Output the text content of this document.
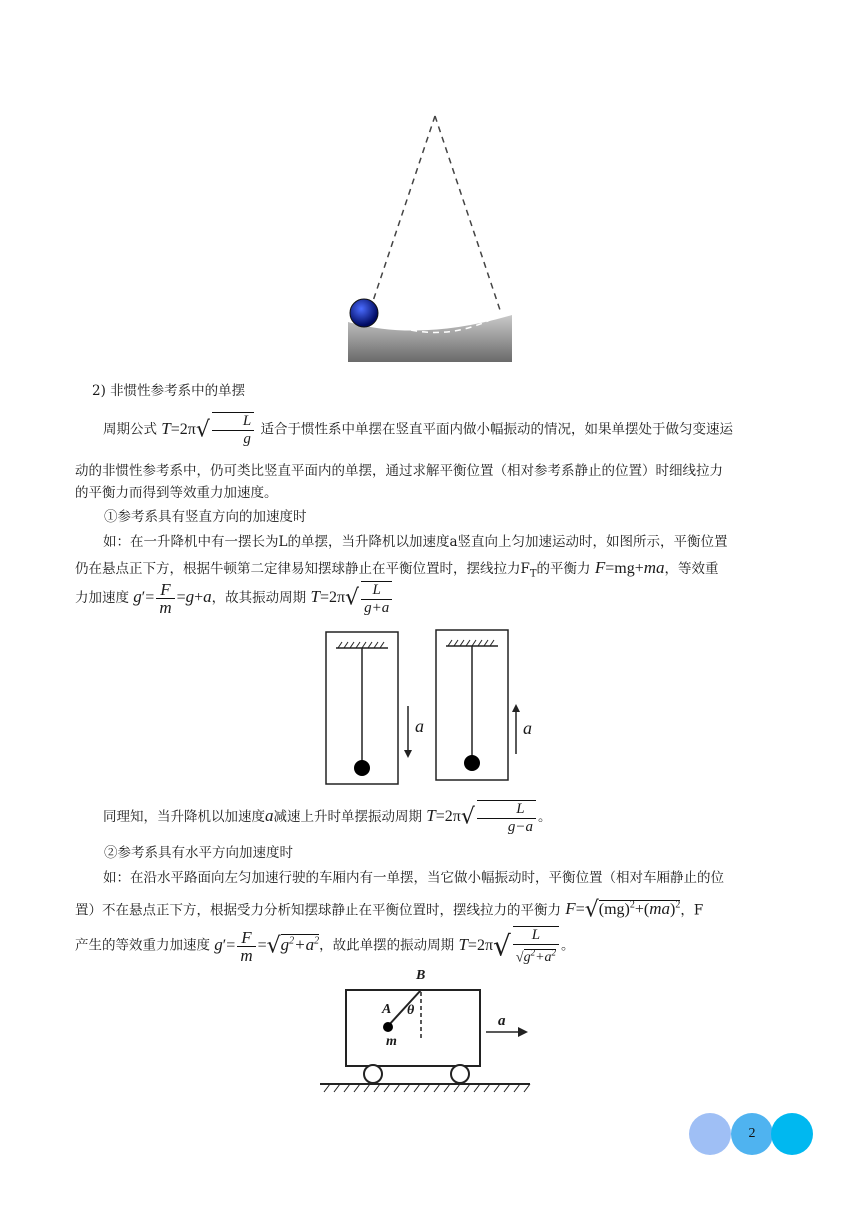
2) 非惯性参考系中的单摆
周期公式 $T=2\pi√ \frac{L}{g}$ 适合于惯性系中单摆在竖直平面内做小幅振动的情况，如果单摆处于做匀变速运
动的非惯性参考系中，仍可类比竖直平面内的单摆，通过求解平衡位置（相对参考系静止的位置）时细线拉力
的平衡力而得到等效重力加速度。
①参考系具有竖直方向的加速度时
如：在一升降机中有一摆长为L的单摆，当升降机以加速度a竖直向上匀加速运动时，如图所示，平衡位置
仍在悬点正下方，根据牛顿第二定律易知摆球静止在平衡位置时，摆线拉力$F_T$的平衡力 F=mg+ma，等效重
力加速度 $g'= \frac{F}{m} =g+a$，故其振动周期 $T=2\pi√ \frac{L}{g+a}$
a	a
同理知，当升降机以加速度a减速上升时单摆振动周期 $T=2\pi√ \frac{L}{g-a}$ 。
②参考系具有水平方向加速度时
如：在沿水平路面向左匀加速行驶的车厢内有一单摆，当它做小幅振动时，平衡位置（相对车厢静止的位
置）不在悬点正下方，根据受力分析知摆球静止在平衡位置时，摆线拉力的平衡力 F=√(mg)$^2$+(ma)$^2$，F
产生的等效重力加速度 $g'= \frac{F}{m} =√g^2+a^2$，故此单摆的振动周期 $T=2\pi√ \frac{L}{√g^2+a^2}$ 。
B
A θ
m
a
2
